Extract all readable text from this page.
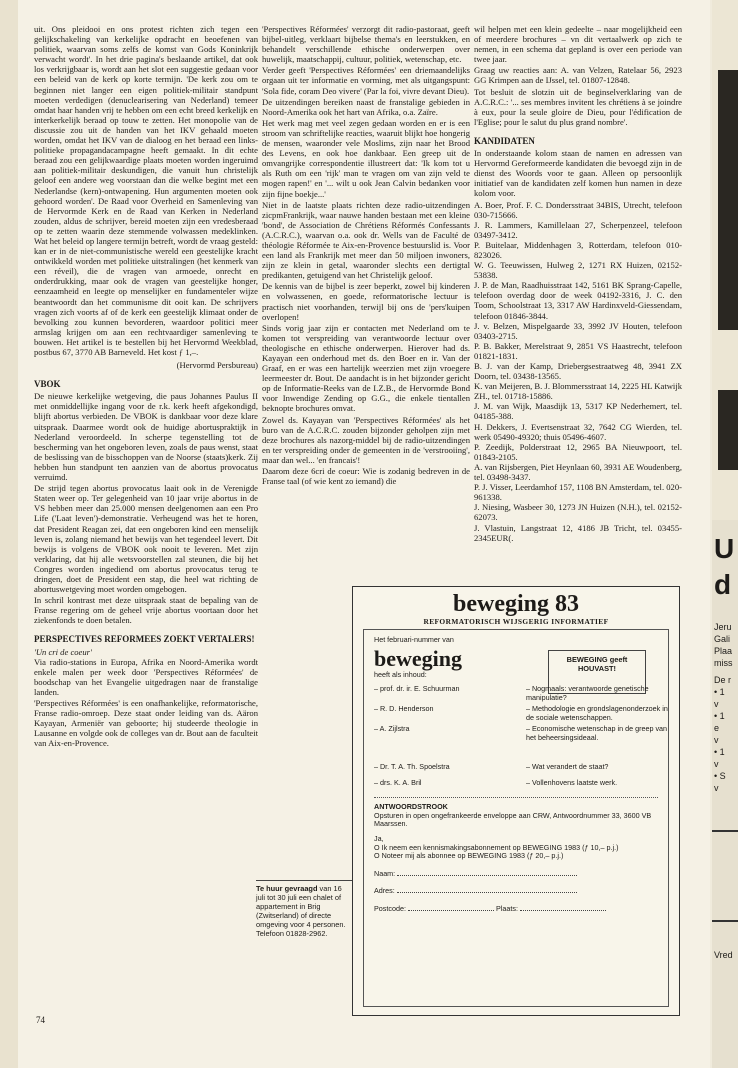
uit. Ons pleidooi en ons protest richten zich tegen een gelijkschakeling van kerkelijke opdracht en beoefenen van politiek, waarvan soms zelfs de komst van Gods Koninkrijk verwacht wordt'. In het drie pagina's beslaande artikel, dat ook los verkrijgbaar is, wordt aan het slot een suggestie gedaan voor een beleid van de kerk op korte termijn. 'De kerk zou om te beginnen niet langer een eigen politiek-militair standpunt moeten verdedigen (denuclearisering van Nederland) temeer omdat haar handen vrij te hebben om een echt breed kerkelijk en interkerkelijk beraad op touw te zetten. Het monopolie van de discussie zou uit de handen van het IKV gehaald moeten worden, omdat het IKV van de dialoog en het beraad een links-politieke propagandacampagne heeft gemaakt. In dit echte beraad zou een gelijkwaardige plaats moeten worden ingeruimd aan politiek-militair deskundigen, die vanuit hun christelijk geloof een andere weg voorstaan dan die welke begint met een Nederlandse (kern)-ontwapening. Hun argumenten moeten ook gehoord worden'. De Raad voor Overheid en Samenleving van de Hervormde Kerk en de Raad van Kerken in Nederland zouden, aldus de schrijver, bereid moeten zijn een vredesberaad op te zetten waarin deze stemmende volwassen medeklinken. Wat het beleid op langere termijn betreft, wordt de vraag gesteld: kan er in de niet-communistische wereld een geestelijke kracht ontwikkeld worden met politieke uitstralingen (het kenmerk van een réveil), die de vragen van armoede, onrecht en onderdrukking, maar ook de vragen van geestelijke honger, eenzaamheid en leegte op menselijker en fundamenteler wijze beantwoordt dan het communisme dit ooit kan. De schrijvers vragen zich voorts af of de kerk een geestelijk klimaat onder de bevolking zou kunnen bevorderen, waardoor politici meer armslag krijgen om aan een rechtvaardiger samenleving te bouwen. Het artikel is te bestellen bij het Hervormd Weekblad, postbus 67, 3770 AB Barneveld. Het kost ƒ 1,–.

(Hervormd Persbureau)

VBOK

De nieuwe kerkelijke wetgeving, die paus Johannes Paulus II met onmiddellijke ingang voor de r.k. kerk heeft afgekondigd, blijft abortus verbieden. De VBOK is dankbaar voor deze klare uitspraak. Daarmee wordt ook de huidige abortuspraktijk in Nederland veroordeeld. In scherpe tegenstelling tot de bescherming van het ongeboren leven, zoals de paus wenst, staat de beslissing van de bisschoppen van de Noorse (staats)kerk. Zij hebben hun standpunt ten aanzien van de abortus provocatus verruimd.

De strijd tegen abortus provocatus laait ook in de Verenigde Staten weer op. Ter gelegenheid van 10 jaar vrije abortus in de VS hebben meer dan 25.000 mensen deelgenomen aan een Pro Life ('Laat leven')-demonstratie. Verheugend was het te horen, dat President Reagan zei, dat een ongeboren kind een menselijk leven is, zolang niemand het bewijs van het tegendeel levert. Dit bewijs is volgens de VBOK ook nooit te leveren. Met zijn verklaring, dat hij alle wetsvoorstellen zal steunen, die bij het Congres worden ingediend om abortus provocatus terug te dringen, doet de President een stap, die heel wat richting de abortuswetgeving moet worden omgebogen.

In schril kontrast met deze uitspraak staat de bepaling van de Franse regering om de geheel vrije abortus voortaan door het ziekenfonds te doen betalen.

PERSPECTIVES REFORMEES ZOEKT VERTALERS!

'Un cri de coeur'

Via radio-stations in Europa, Afrika en Noord-Amerika wordt enkele malen per week door 'Perspectives Réformées' de boodschap van het Evangelie uitgedragen naar de franstalige landen.

'Perspectives Réformées' is een onafhankelijke, reformatorische, Franse radio-omroep. Deze staat onder leiding van ds. Aäron Kayayan, Armeniër van geboorte; hij studeerde theologie in Lausanne en volgde ook de colleges van dr. Bout aan de faculteit van Aix-en-Provence.

'Perspectives Réformées' verzorgt dit radio-pastoraat, geeft bijbel-uitleg, verklaart bijbelse thema's en leerstukken, en behandelt verschillende ethische onderwerpen over huwelijk, maatschappij, cultuur, politiek, wetenschap, etc.

Verder geeft 'Perspectives Réformées' een driemaandelijks orgaan uit ter informatie en vorming, met als uitgangspunt: 'Sola fide, coram Deo vivere' (Par la foi, vivre devant Dieu).

De uitzendingen bereiken naast de franstalige gebieden in Noord-Amerika ook het hart van Afrika, o.a. Zaïre.

Het werk mag met veel zegen gedaan worden en er is een stroom van schriftelijke reacties, waaruit blijkt hoe hongerig de mensen, waaronder vele Moslims, zijn naar het Brood des Levens, en ook hoe dankbaar. Een greep uit de omvangrijke correspondentie illustreert dat: 'Ik kom tot u als Ruth om een 'rijk' man te vragen om van zijn veld te mogen rapen!' en '... wilt u ook Jean Calvin bedanken voor zijn fijne boekje...'

Niet in de laatste plaats richten deze radio-uitzendingen zicpmFrankrijk, waar nauwe handen bestaan met een kleine 'bond', de Association de Chrétiens Réformés Confessants (A.C.R.C.), waarvan o.a. ook dr. Wells van de Faculté de théologie Réformée te Aix-en-Provence bestuurslid is. Voor een land als Frankrijk met meer dan 50 miljoen inwoners, zijn ze klein in getal, waaronder slechts een dertigtal predikanten, getuigend van het Christelijk geloof.

De kennis van de bijbel is zeer beperkt, zowel bij kinderen en volwassenen, en goede, reformatorische lectuur is practisch niet voorhanden, terwijl bij ons de 'pers'kuipen overlopen!

Sinds vorig jaar zijn er contacten met Nederland om te komen tot verspreiding van verantwoorde lectuur over theologische en ethische onderwerpen. Hierover had ds. Kayayan een onderhoud met ds. den Boer en ir. Van der Graaf, en er was een hartelijk weerzien met zijn vroegere leermeester dr. Bout. De aandacht is in het bijzonder gericht op de Informatie-Reeks van de I.Z.B., de Hervormde Bond voor Inwendige Zending op G.G., die enkele tientallen beknopte brochures omvat.

Zowel ds. Kayayan van 'Perspectives Réformées' als het buro van de A.C.R.C. zouden bijzonder geholpen zijn met deze brochures als nazorg-middel bij de radio-uitzendingen en ter verspreiding onder de gemeenten in de 'verstrooiing', maar dan wel... 'en francais'!

Daarom deze 6cri de coeur: Wie is zodanig bedreven in de Franse taal (of wie kent zo iemand) die

wil helpen met een klein gedeelte – naar mogelijkheid een of meerdere brochures – vn dit vertaalwerk op zich te nemen, in een schema dat gepland is over een periode van twee jaar.

Graag uw reacties aan: A. van Velzen, Ratelaar 56, 2923 GG Krimpen aan de IJssel, tel. 01807-12848.

Tot besluit de slotzin uit de beginselverklaring van de A.C.R.C.: '... ses membres invitent les chrétiens à se joindre à eux, pour la seule gloire de Dieu, pour l'édification de l'Eglise; pour le salut du plus grand nombre'.

KANDIDATEN

In onderstaande kolom staan de namen en adressen van Hervormd Gereformeerde kandidaten die bevoegd zijn in de dienst des Woords voor te gaan. Alleen op persoonlijk initiatief van de kandidaten zelf komen hun namen in deze kolom voor.

A. Boer, Prof. F. C. Dondersstraat 34BIS, Utrecht, telefoon 030-715666.
J. R. Lammers, Kamillelaan 27, Scherpenzeel, telefoon 03497-3412.
P. Buitelaar, Middenhagen 3, Rotterdam, telefoon 010-823026.
W. G. Teeuwissen, Hulweg 2, 1271 RX Huizen, 02152-53838.
J. P. de Man, Raadhuisstraat 142, 5161 BK Sprang-Capelle, telefoon overdag door de week 04192-3316, J. C. den Toom, Schoolstraat 13, 3317 AW Hardinxveld-Giessendam, telefoon 01846-3844.
J. v. Belzen, Mispelgaarde 33, 3992 JV Houten, telefoon 03403-2715.
P. B. Bakker, Merelstraat 9, 2851 VS Haastrecht, telefoon 01821-1831.
B. J. van der Kamp, Driebergsestraatweg 48, 3941 ZX Doorn, tel. 03438-13565.
K. van Meijeren, B. J. Blommersstraat 14, 2225 HL Katwijk ZH., tel. 01718-15886.
J. M. van Wijk, Maasdijk 13, 5317 KP Nederhemert, tel. 04185-388.
H. Dekkers, J. Evertsenstraat 32, 7642 CG Wierden, tel. werk 05490-49320; thuis 05496-4607.
P. Zeedijk, Polderstraat 12, 2965 BA Nieuwpoort, tel. 01843-2105.
A. van Rijsbergen, Piet Heynlaan 60, 3931 AE Woudenberg, tel. 03498-3437.
P. J. Visser, Leerdamhof 157, 1108 BN Amsterdam, tel. 020-961338.
J. Niesing, Wasbeer 30, 1273 JN Huizen (N.H.), tel. 02152-62073.
J. Vlastuin, Langstraat 12, 4186 JB Tricht, tel. 03455-2345EUR(.
Te huur gevraagd van 16 juli tot 30 juli een chalet of appartement in Brig (Zwitserland) of directe omgeving voor 4 personen. Telefoon 01828-2962.
beweging 83
REFORMATORISCH WIJSGERIG INFORMATIEF
BEWEGING geeft HOUVAST!

Het februari-nummer van

beweging

heeft als inhoud:

– prof. dr. ir. E. Schuurman	– Nogmaals: verantwoorde genetische manipulatie?
– R. D. Henderson	– Methodologie en grondslagenonderzoek in de sociale wetenschappen.
– A. Zijlstra	– Economische wetenschap in de greep van het beheersingsideaal.
– Dr. T. A. Th. Spoelstra	– Wat verandert de staat?
– drs. K. A. Bril	– Vollenhovens laatste werk.

ANTWOORDSTROOK

Opsturen in open ongefrankeerde enveloppe aan CRW, Antwoordnummer 33, 3600 VB Maarssen.

Ja,

O Ik neem een kennismakingsabonnement op BEWEGING 1983 (ƒ 10,– p.j.)

O Noteer mij als abonnee op BEWEGING 1983 (ƒ 20,– p.j.)

Naam:
Adres:
Postcode:	Plaats:
74
U
d
Jeru
Gali
Plaa
miss
De r
• 1
v
• 1
e
v
• 1
v
• S
v
Vred
